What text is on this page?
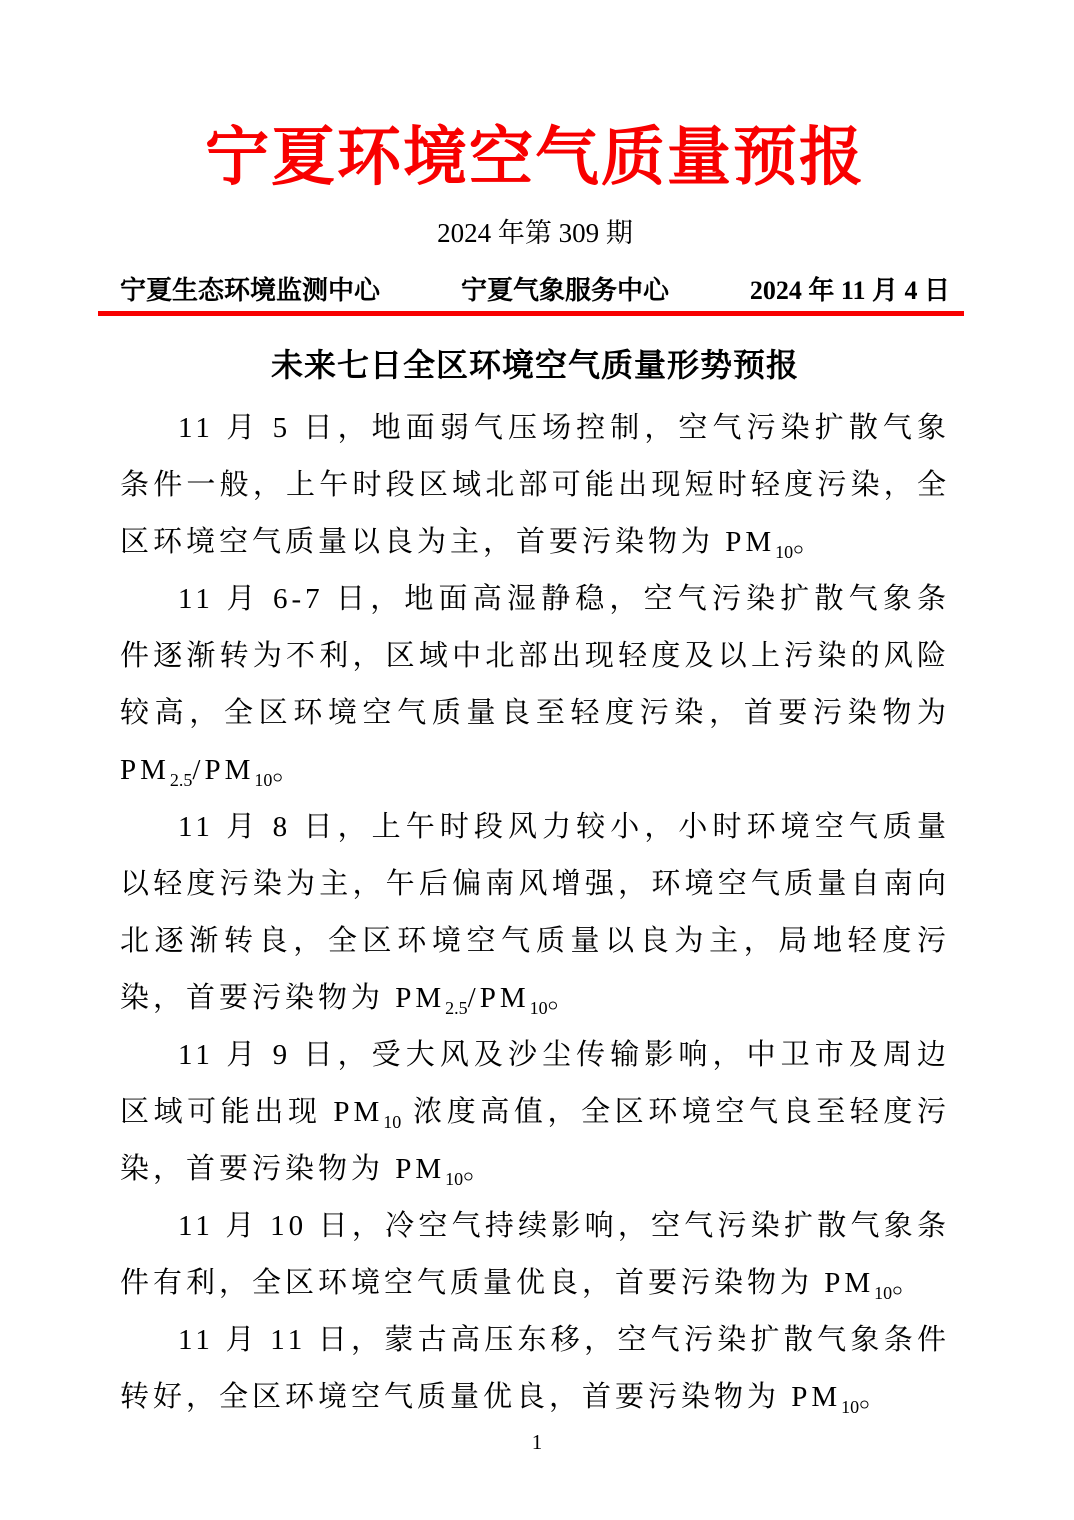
宁夏环境空气质量预报
2024 年第 309 期
宁夏生态环境监测中心	宁夏气象服务中心	2024 年 11 月 4 日
未来七日全区环境空气质量形势预报

11 月 5 日，地面弱气压场控制，空气污染扩散气象条件一般，上午时段区域北部可能出现短时轻度污染，全区环境空气质量以良为主，首要污染物为 $PM_{10}$。

11 月 6-7 日，地面高湿静稳，空气污染扩散气象条件逐渐转为不利，区域中北部出现轻度及以上污染的风险较高，全区环境空气质量良至轻度污染，首要污染物为 $PM_{2.5}/PM_{10}$。

11 月 8 日，上午时段风力较小，小时环境空气质量以轻度污染为主，午后偏南风增强，环境空气质量自南向北逐渐转良，全区环境空气质量以良为主，局地轻度污染，首要污染物为 $PM_{2.5}/PM_{10}$。

11 月 9 日，受大风及沙尘传输影响，中卫市及周边区域可能出现 $PM_{10}$ 浓度高值，全区环境空气良至轻度污染，首要污染物为 $PM_{10}$。

11 月 10 日，冷空气持续影响，空气污染扩散气象条件有利，全区环境空气质量优良，首要污染物为 $PM_{10}$。

11 月 11 日，蒙古高压东移，空气污染扩散气象条件转好，全区环境空气质量优良，首要污染物为 $PM_{10}$。

1
